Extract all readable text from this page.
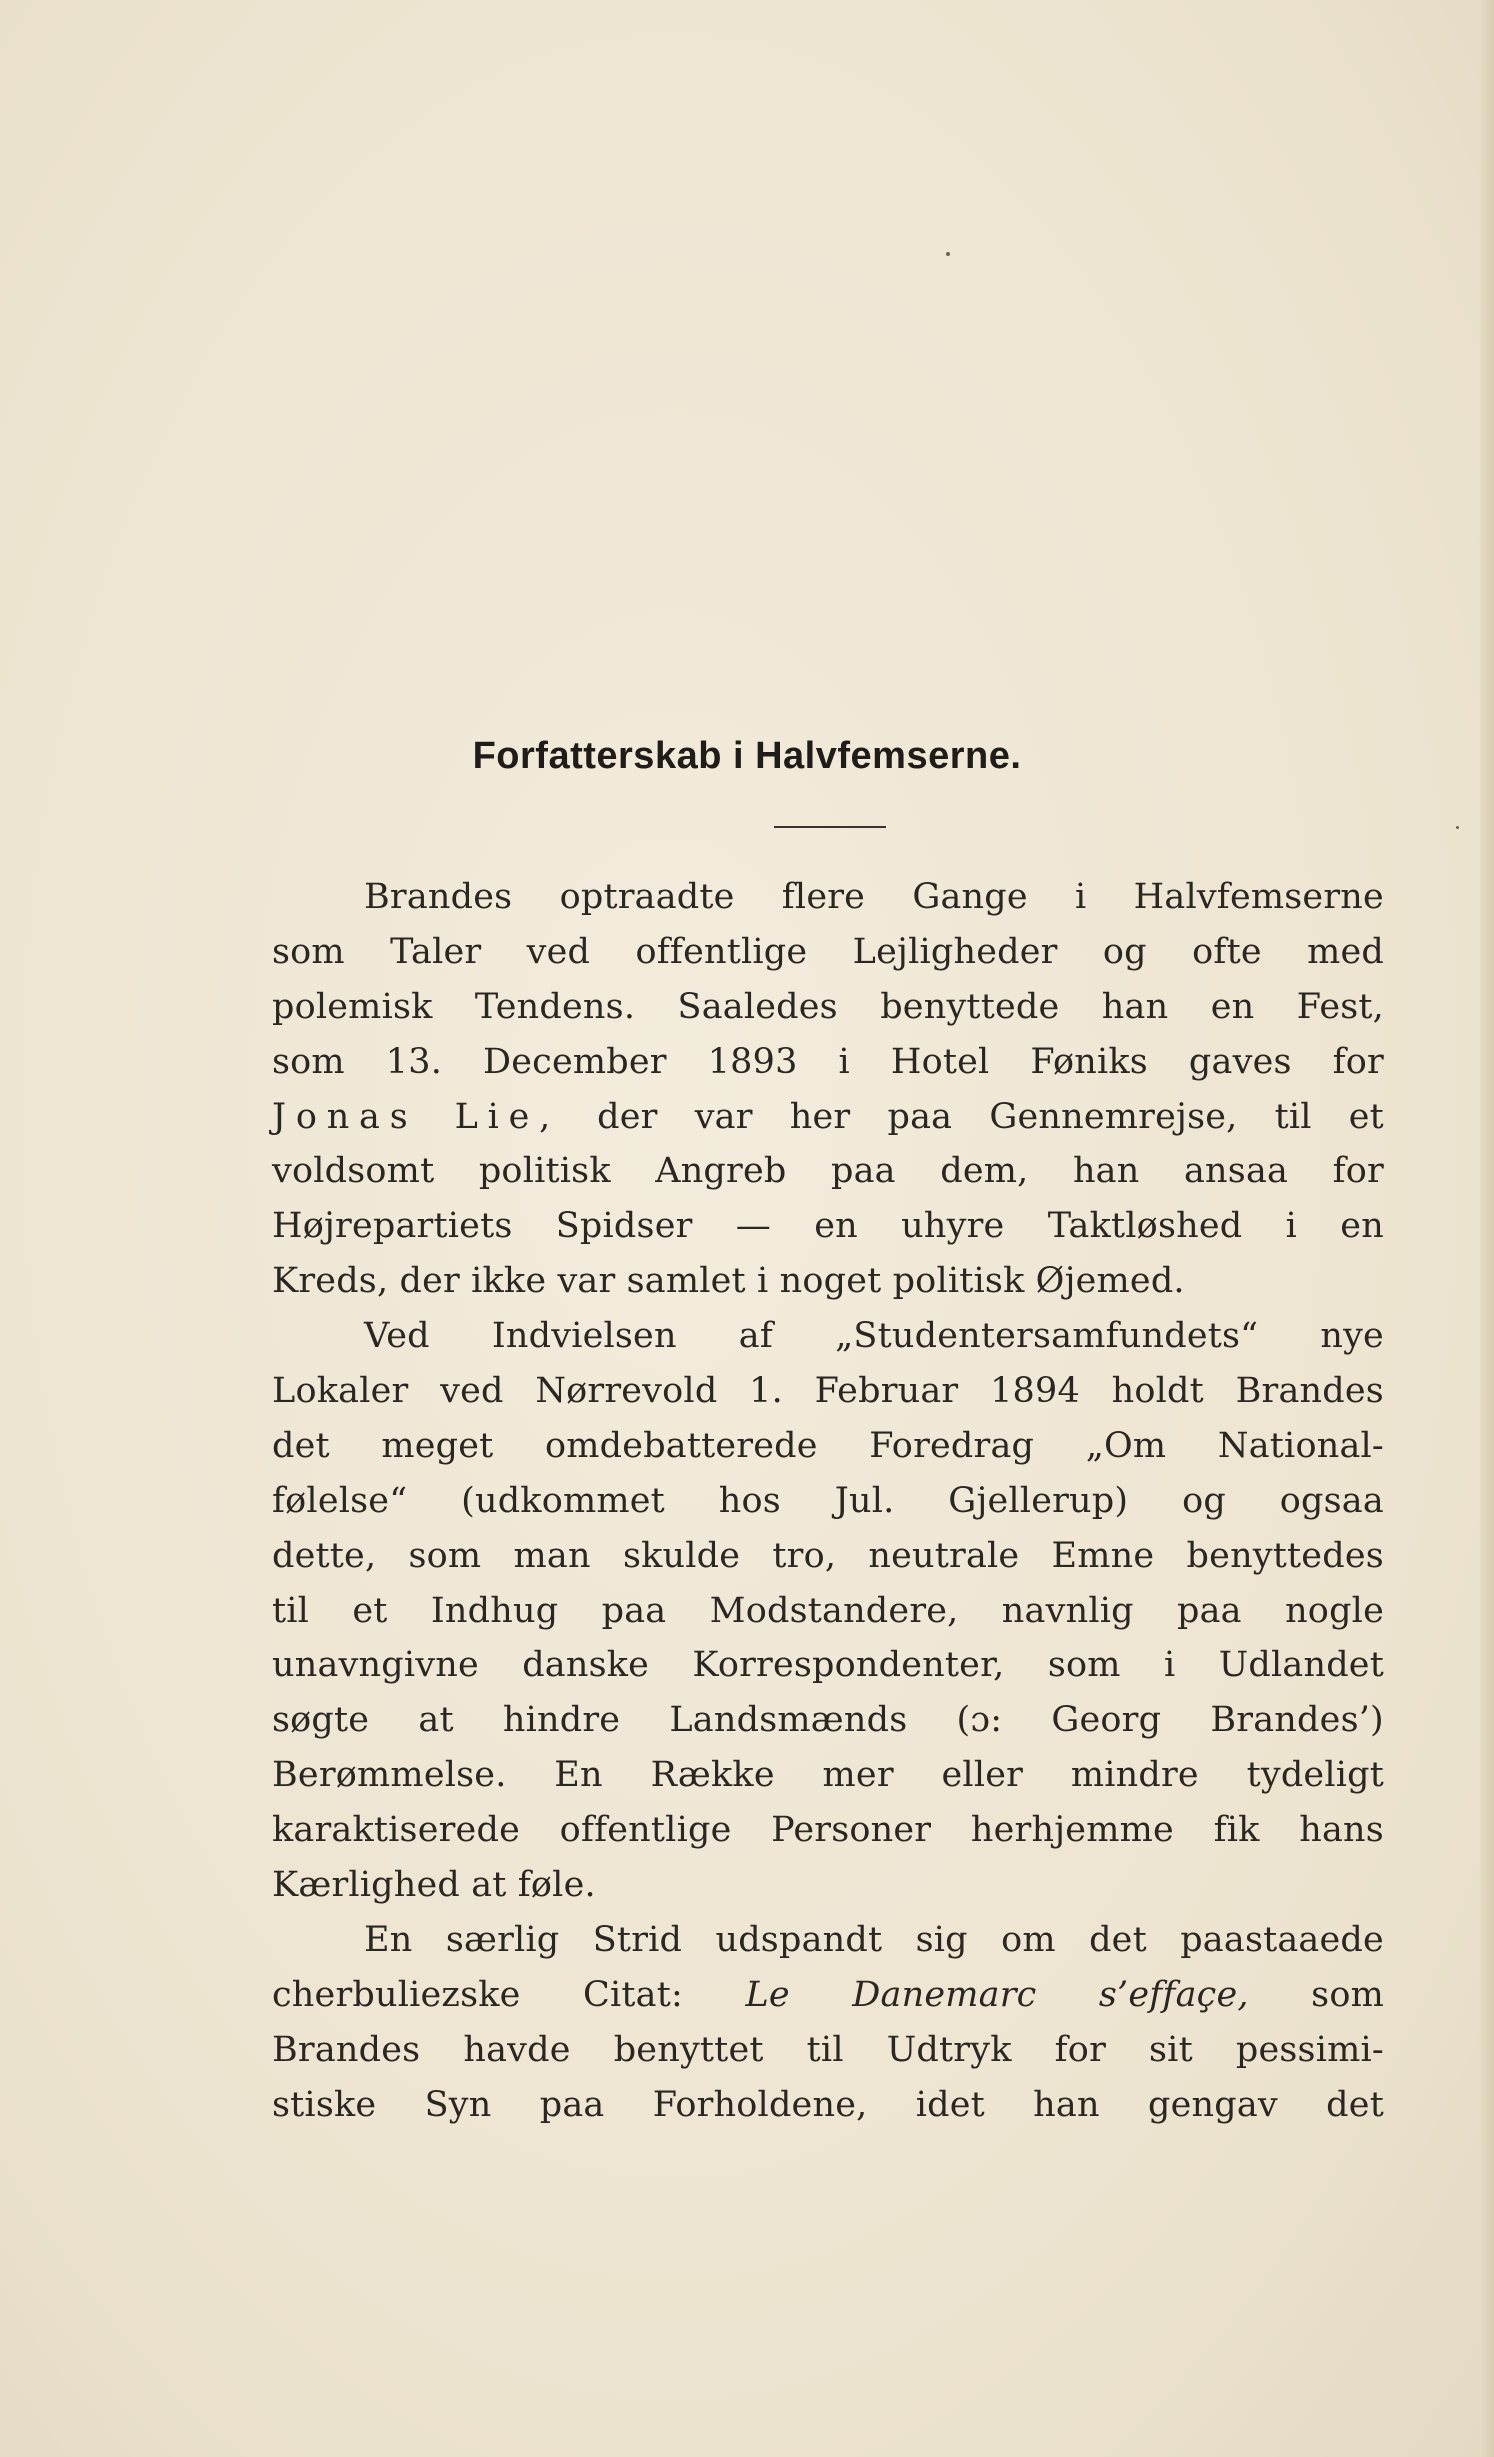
Forfatterskab i Halvfemserne.
Brandes optraadte flere Gange i Halvfemserne
som Taler ved offentlige Lejligheder og ofte med
polemisk Tendens. Saaledes benyttede han en Fest,
som 13. December 1893 i Hotel Føniks gaves for
Jonas Lie, der var her paa Gennemrejse, til et
voldsomt politisk Angreb paa dem, han ansaa for
Højrepartiets Spidser — en uhyre Taktløshed i en
Kreds, der ikke var samlet i noget politisk Øjemed.
Ved Indvielsen af „Studentersamfundets“ nye
Lokaler ved Nørrevold 1. Februar 1894 holdt Brandes
det meget omdebatterede Foredrag „Om National-
følelse“ (udkommet hos Jul. Gjellerup) og ogsaa
dette, som man skulde tro, neutrale Emne benyttedes
til et Indhug paa Modstandere, navnlig paa nogle
unavngivne danske Korrespondenter, som i Udlandet
søgte at hindre Landsmænds (ɔ: Georg Brandes’)
Berømmelse. En Række mer eller mindre tydeligt
karaktiserede offentlige Personer herhjemme fik hans
Kærlighed at føle.
En særlig Strid udspandt sig om det paastaaede
cherbuliezske Citat: Le Danemarc s’effaçe, som
Brandes havde benyttet til Udtryk for sit pessimi-
stiske Syn paa Forholdene, idet han gengav det
